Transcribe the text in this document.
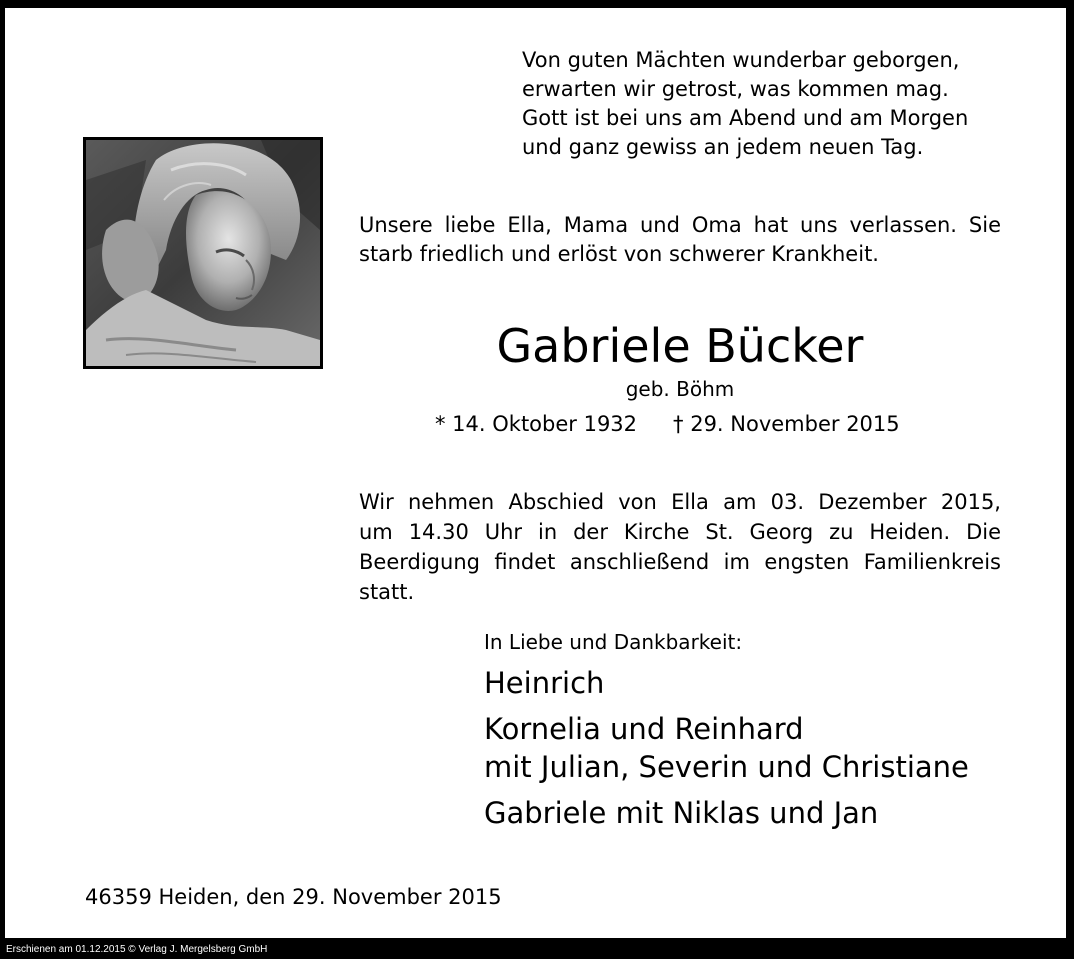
Von guten Mächten wunderbar geborgen,
erwarten wir getrost, was kommen mag.
Gott ist bei uns am Abend und am Morgen
und ganz gewiss an jedem neuen Tag.
Unsere liebe Ella, Mama und Oma hat uns verlassen. Sie starb friedlich und erlöst von schwerer Krankheit.
Gabriele Bücker
geb. Böhm
* 14. Oktober 1932 † 29. November 2015
Wir nehmen Abschied von Ella am 03. Dezember 2015,
um 14.30 Uhr in der Kirche St. Georg zu Heiden. Die
Beerdigung findet anschließend im engsten Familienkreis
statt.
In Liebe und Dankbarkeit:
Heinrich
Kornelia und Reinhard
mit Julian, Severin und Christiane
Gabriele mit Niklas und Jan
46359 Heiden, den 29. November 2015
Erschienen am 01.12.2015 © Verlag J. Mergelsberg GmbH
